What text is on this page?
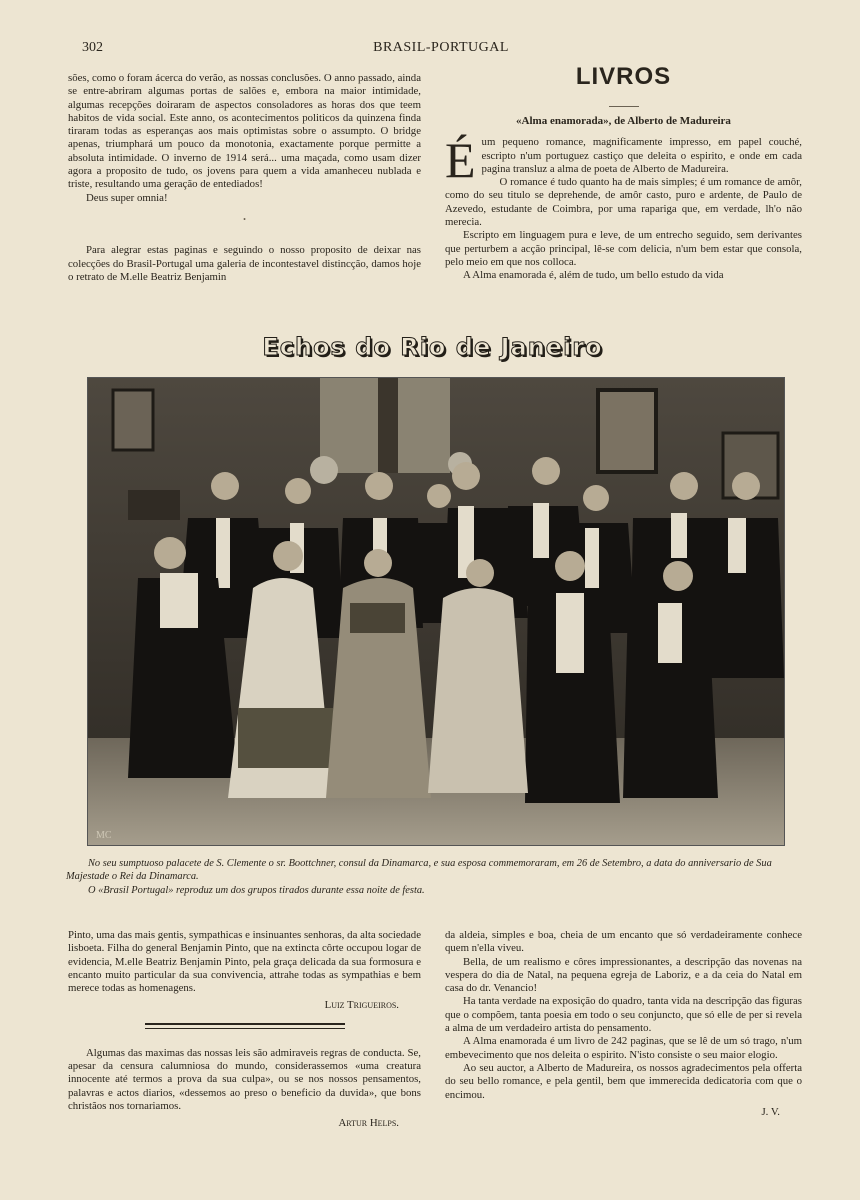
302	BRASIL-PORTUGAL

sões, como o foram ácerca do verão, as nossas conclusões. O anno passado, ainda se entre-abriram algumas portas de salões e, embora na maior intimidade, algumas recepções doiraram de aspectos consoladores as horas dos que teem habitos de vida social. Este anno, os acontecimentos politicos da quinzena finda tiraram todas as esperanças aos mais optimistas sobre o assumpto. O bridge apenas, triumphará um pouco da monotonia, exactamente porque permitte a absoluta intimidade. O inverno de 1914 será... uma maçada, como usam dizer agora a proposito de tudo, os jovens para quem a vida amanheceu nublada e triste, resultando uma geração de entediados!

Deus super omnia!

•

Para alegrar estas paginas e seguindo o nosso proposito de deixar nas colecções do Brasil-Portugal uma galeria de incontestavel distincção, damos hoje o retrato de M.elle Beatriz Benjamin

LIVROS
«Alma enamorada», de Alberto de Madureira

Éum pequeno romance, magnificamente impresso, em papel couché, escripto n'um portuguez castiço que deleita o espirito, e onde em cada pagina transluz a alma de poeta de Alberto de Madureira.

O romance é tudo quanto ha de mais simples; é um romance de amôr, como do seu titulo se deprehende, de amôr casto, puro e ardente, de Paulo de Azevedo, estudante de Coimbra, por uma rapariga que, em verdade, lh'o não merecia.

Escripto em linguagem pura e leve, de um entrecho seguido, sem derivantes que perturbem a acção principal, lê-se com delicia, n'um bem estar que consola, pelo meio em que nos colloca.

A Alma enamorada é, além de tudo, um bello estudo da vida

Echos do Rio de Janeiro
MC

No seu sumptuoso palacete de S. Clemente o sr. Boottchner, consul da Dinamarca, e sua esposa commemoraram, em 26 de Setembro, a data do anniversario de Sua Majestade o Rei da Dinamarca.

O «Brasil Portugal» reproduz um dos grupos tirados durante essa noite de festa.

Pinto, uma das mais gentis, sympathicas e insinuantes senhoras, da alta sociedade lisboeta. Filha do general Benjamin Pinto, que na extincta côrte occupou logar de evidencia, M.elle Beatriz Benjamin Pinto, pela graça delicada da sua formosura e encanto muito particular da sua convivencia, attrahe todas as sympathias e bem merece todas as homenagens.

Luiz Trigueiros.

Algumas das maximas das nossas leis são admiraveis regras de conducta. Se, apesar da censura calumniosa do mundo, considerassemos «uma creatura innocente até termos a prova da sua culpa», ou se nos nossos pensamentos, palavras e actos diarios, «dessemos ao preso o beneficio da duvida», que bons christãos nos tornariamos.

Artur Helps.

da aldeia, simples e boa, cheia de um encanto que só verdadeiramente conhece quem n'ella viveu.

Bella, de um realismo e côres impressionantes, a descripção das novenas na vespera do dia de Natal, na pequena egreja de Laboriz, e a da ceia do Natal em casa do dr. Venancio!

Ha tanta verdade na exposição do quadro, tanta vida na descripção das figuras que o compõem, tanta poesia em todo o seu conjuncto, que só elle de per si revela a alma de um verdadeiro artista do pensamento.

A Alma enamorada é um livro de 242 paginas, que se lê de um só trago, n'um embevecimento que nos deleita o espirito. N'isto consiste o seu maior elogio.

Ao seu auctor, a Alberto de Madureira, os nossos agradecimentos pela offerta do seu bello romance, e pela gentil, bem que immerecida dedicatoria com que o encimou.

J. V.
